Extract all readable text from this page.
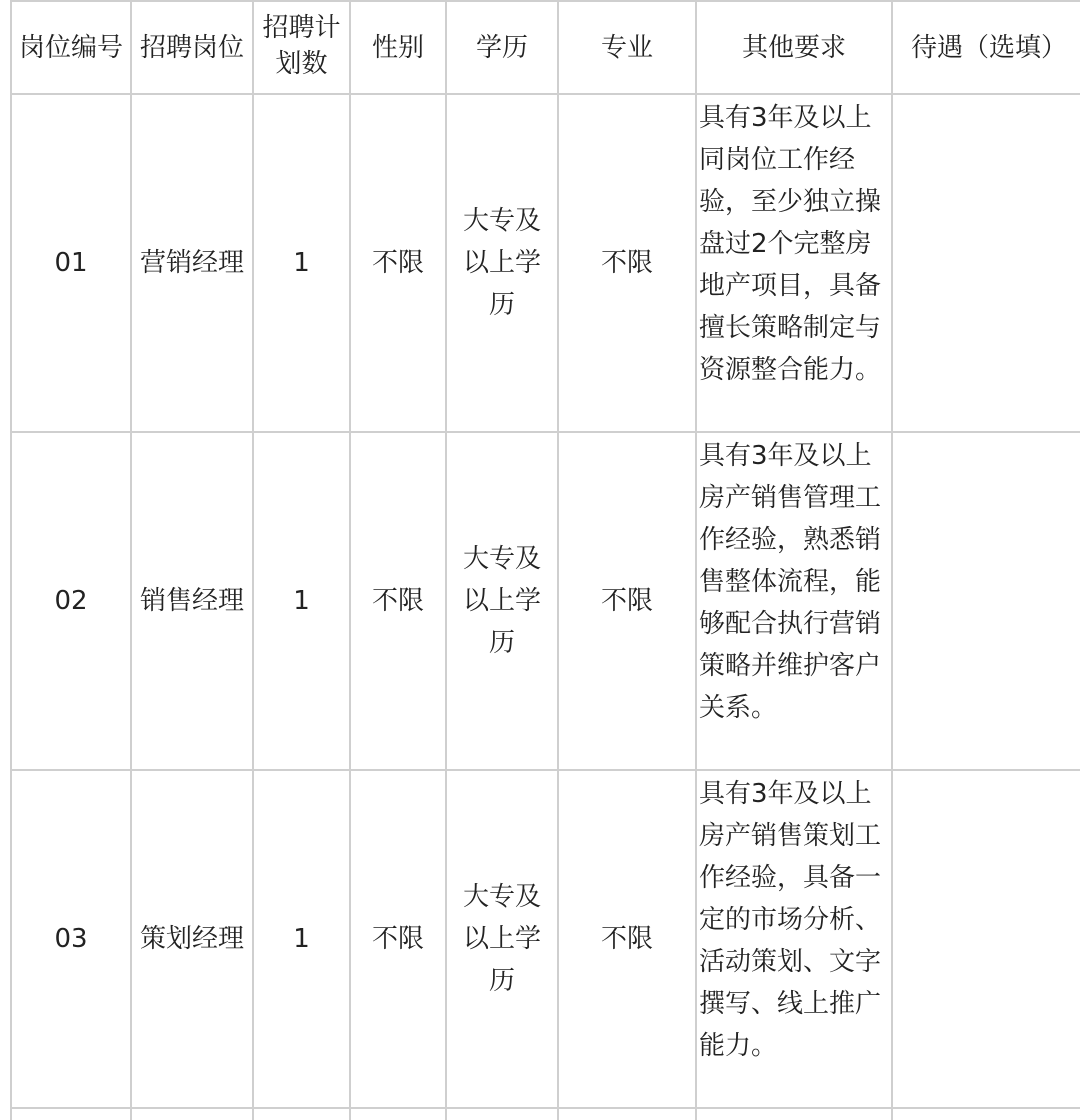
岗位编号	招聘岗位	招聘计划数	性别	学历	专业	其他要求	待遇（选填）
01	营销经理	1	不限	大专及以上学历	不限	具有3年及以上同岗位工作经验，至少独立操盘过2个完整房地产项目，具备擅长策略制定与资源整合能力。	

02	销售经理	1	不限	大专及以上学历	不限	具有3年及以上房产销售管理工作经验，熟悉销售整体流程，能够配合执行营销策略并维护客户关系。	

03	策划经理	1	不限	大专及以上学历	不限	具有3年及以上房产销售策划工作经验，具备一定的市场分析、活动策划、文字撰写、线上推广能力。	
